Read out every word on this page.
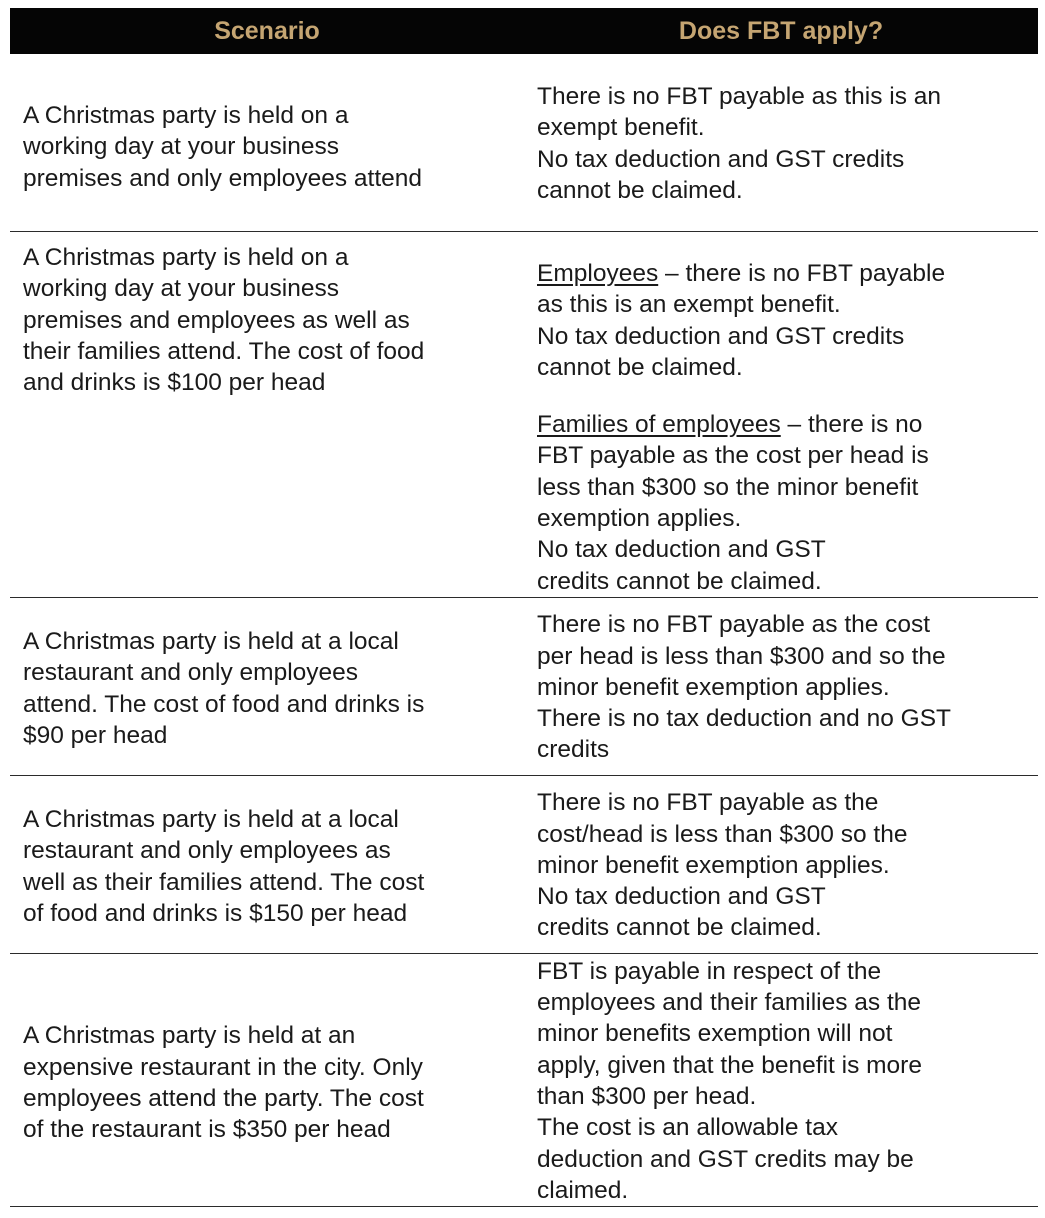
Scenario	Does FBT apply?
A Christmas party is held on a
working day at your business
premises and only employees attend
There is no FBT payable as this is an
exempt benefit.
No tax deduction and GST credits
cannot be claimed.
A Christmas party is held on a
working day at your business
premises and employees as well as
their families attend. The cost of food
and drinks is $100 per head
Employees – there is no FBT payable
as this is an exempt benefit.
No tax deduction and GST credits
cannot be claimed.
Families of employees – there is no
FBT payable as the cost per head is
less than $300 so the minor benefit
exemption applies.
No tax deduction and GST
credits cannot be claimed.
A Christmas party is held at a local
restaurant and only employees
attend. The cost of food and drinks is
$90 per head
There is no FBT payable as the cost
per head is less than $300 and so the
minor benefit exemption applies.
There is no tax deduction and no GST
credits
A Christmas party is held at a local
restaurant and only employees as
well as their families attend. The cost
of food and drinks is $150 per head
There is no FBT payable as the
cost/head is less than $300 so the
minor benefit exemption applies.
No tax deduction and GST
credits cannot be claimed.
A Christmas party is held at an
expensive restaurant in the city. Only
employees attend the party. The cost
of the restaurant is $350 per head
FBT is payable in respect of the
employees and their families as the
minor benefits exemption will not
apply, given that the benefit is more
than $300 per head.
The cost is an allowable tax
deduction and GST credits may be
claimed.
